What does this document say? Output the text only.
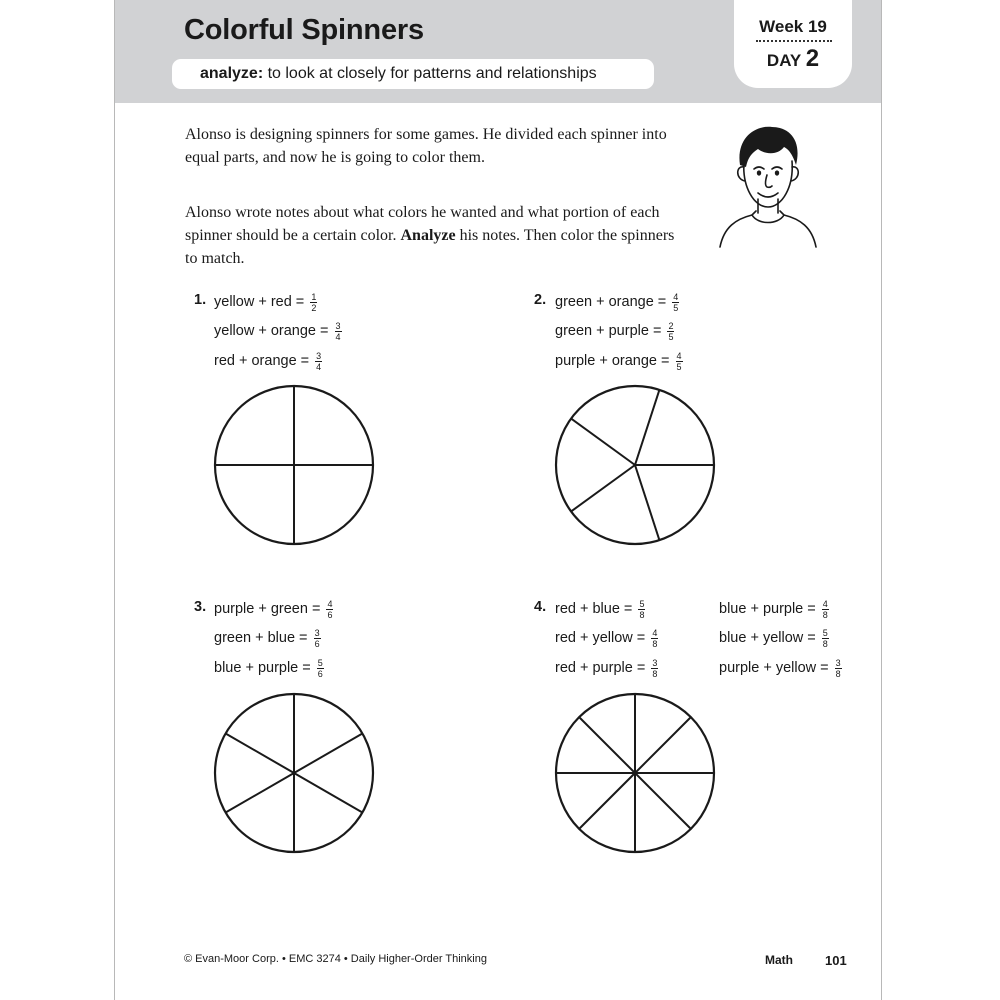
Colorful Spinners
analyze: to look at closely for patterns and relationships
Week 19
DAY 2
Alonso is designing spinners for some games. He divided each spinner into equal parts, and now he is going to color them.
Alonso wrote notes about what colors he wanted and what portion of each spinner should be a certain color. Analyze his notes. Then color the spinners to match.
1. yellow + red = $\frac{1}{2}$
yellow + orange = $\frac{3}{4}$
red + orange = $\frac{3}{4}$
2. green + orange = $\frac{4}{5}$
green + purple = $\frac{2}{5}$
purple + orange = $\frac{4}{5}$
3. purple + green = $\frac{4}{6}$
green + blue = $\frac{3}{6}$
blue + purple = $\frac{5}{6}$
4. red + blue = $\frac{5}{8}$
red + yellow = $\frac{4}{8}$
red + purple = $\frac{3}{8}$
blue + purple = $\frac{4}{8}$
blue + yellow = $\frac{5}{8}$
purple + yellow = $\frac{3}{8}$
© Evan-Moor Corp. • EMC 3274 • Daily Higher-Order Thinking	Math 101
